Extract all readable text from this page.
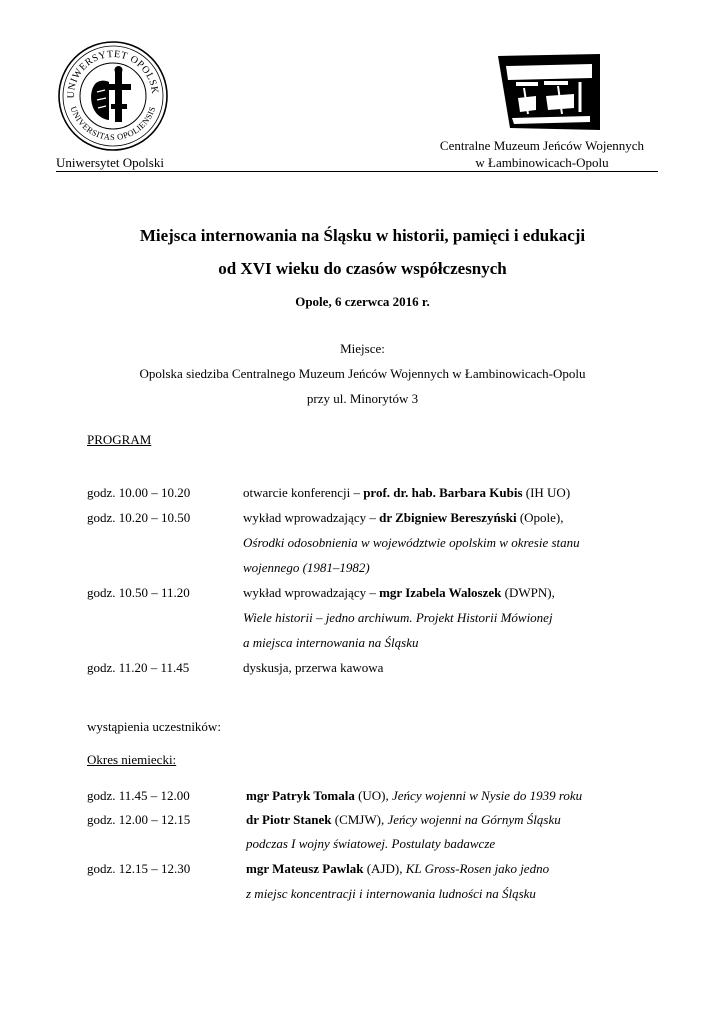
UNIWERSYTET OPOLSK
UNIVERSITAS OPOLIENSIS
Uniwersytet Opolski
Centralne Muzeum Jeńców Wojennych
w Łambinowicach-Opolu
Miejsca internowania na Śląsku w historii, pamięci i edukacji
od XVI wieku do czasów współczesnych
Opole, 6 czerwca 2016 r.
Miejsce:
Opolska siedziba Centralnego Muzeum Jeńców Wojennych w Łambinowicach-Opolu
przy ul. Minorytów 3
PROGRAM
godz. 10.00 – 10.20	otwarcie konferencji – prof. dr. hab. Barbara Kubis (IH UO)
godz. 10.20 – 10.50	wykład wprowadzający – dr Zbigniew Bereszyński (Opole),
Ośrodki odosobnienia w województwie opolskim w okresie stanu
wojennego (1981–1982)
godz. 10.50 – 11.20	wykład wprowadzający – mgr Izabela Waloszek (DWPN),
Wiele historii – jedno archiwum. Projekt Historii Mówionej
a miejsca internowania na Śląsku
godz. 11.20 – 11.45	dyskusja, przerwa kawowa
wystąpienia uczestników:
Okres niemiecki:
godz. 11.45 – 12.00	mgr Patryk Tomala (UO), Jeńcy wojenni w Nysie do 1939 roku
godz. 12.00 – 12.15	dr Piotr Stanek (CMJW), Jeńcy wojenni na Górnym Śląsku
podczas I wojny światowej. Postulaty badawcze
godz. 12.15 – 12.30	mgr Mateusz Pawlak (AJD), KL Gross-Rosen jako jedno
z miejsc koncentracji i internowania ludności na Śląsku
